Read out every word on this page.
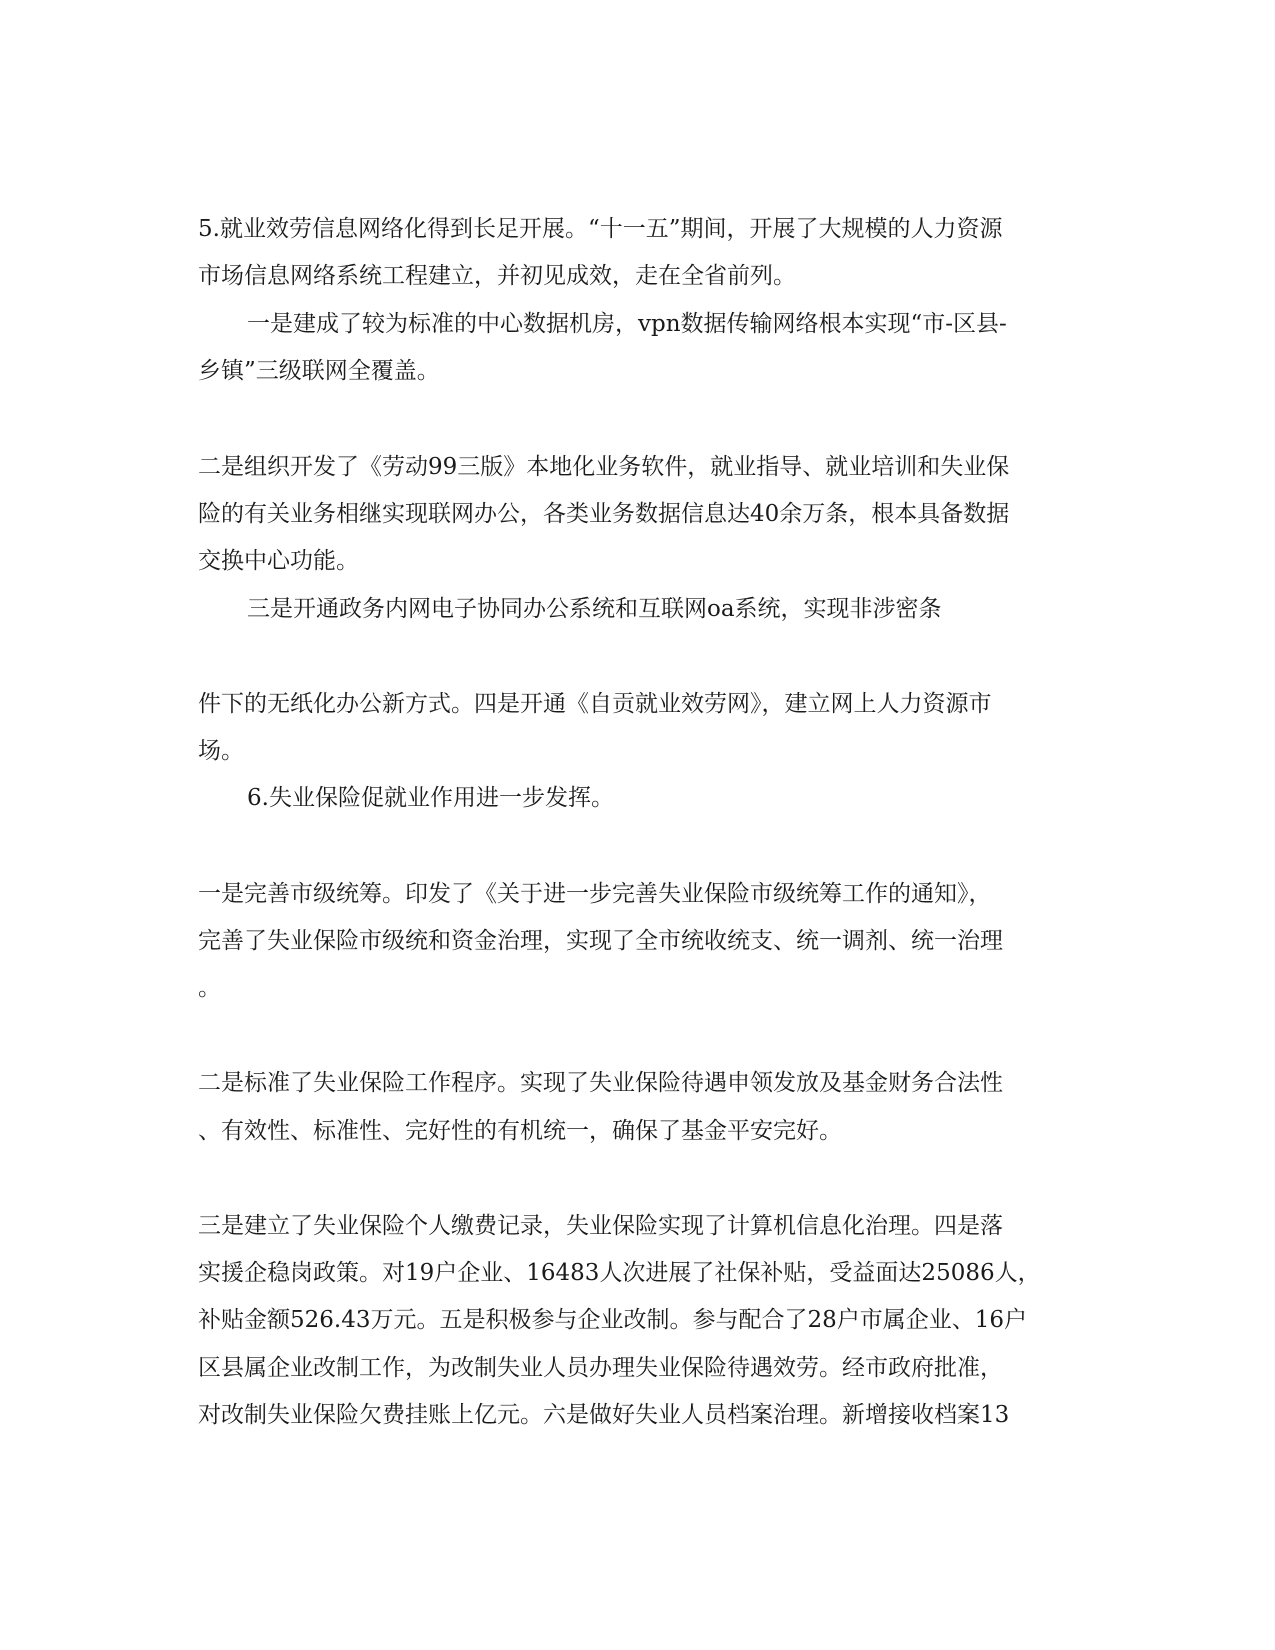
5.就业效劳信息网络化得到长足开展。“十一五”期间，开展了大规模的人力资源
市场信息网络系统工程建立，并初见成效，走在全省前列。
一是建成了较为标准的中心数据机房，vpn数据传输网络根本实现“市-区县-
乡镇”三级联网全覆盖。
二是组织开发了《劳动99三版》本地化业务软件，就业指导、就业培训和失业保
险的有关业务相继实现联网办公，各类业务数据信息达40余万条，根本具备数据
交换中心功能。
三是开通政务内网电子协同办公系统和互联网oa系统，实现非涉密条
件下的无纸化办公新方式。四是开通《自贡就业效劳网》，建立网上人力资源市
场。
6.失业保险促就业作用进一步发挥。
一是完善市级统筹。印发了《关于进一步完善失业保险市级统筹工作的通知》，
完善了失业保险市级统和资金治理，实现了全市统收统支、统一调剂、统一治理
。
二是标准了失业保险工作程序。实现了失业保险待遇申领发放及基金财务合法性
、有效性、标准性、完好性的有机统一，确保了基金平安完好。
三是建立了失业保险个人缴费记录，失业保险实现了计算机信息化治理。四是落
实援企稳岗政策。对19户企业、16483人次进展了社保补贴，受益面达25086人，
补贴金额526.43万元。五是积极参与企业改制。参与配合了28户市属企业、16户
区县属企业改制工作，为改制失业人员办理失业保险待遇效劳。经市政府批准，
对改制失业保险欠费挂账上亿元。六是做好失业人员档案治理。新增接收档案13
